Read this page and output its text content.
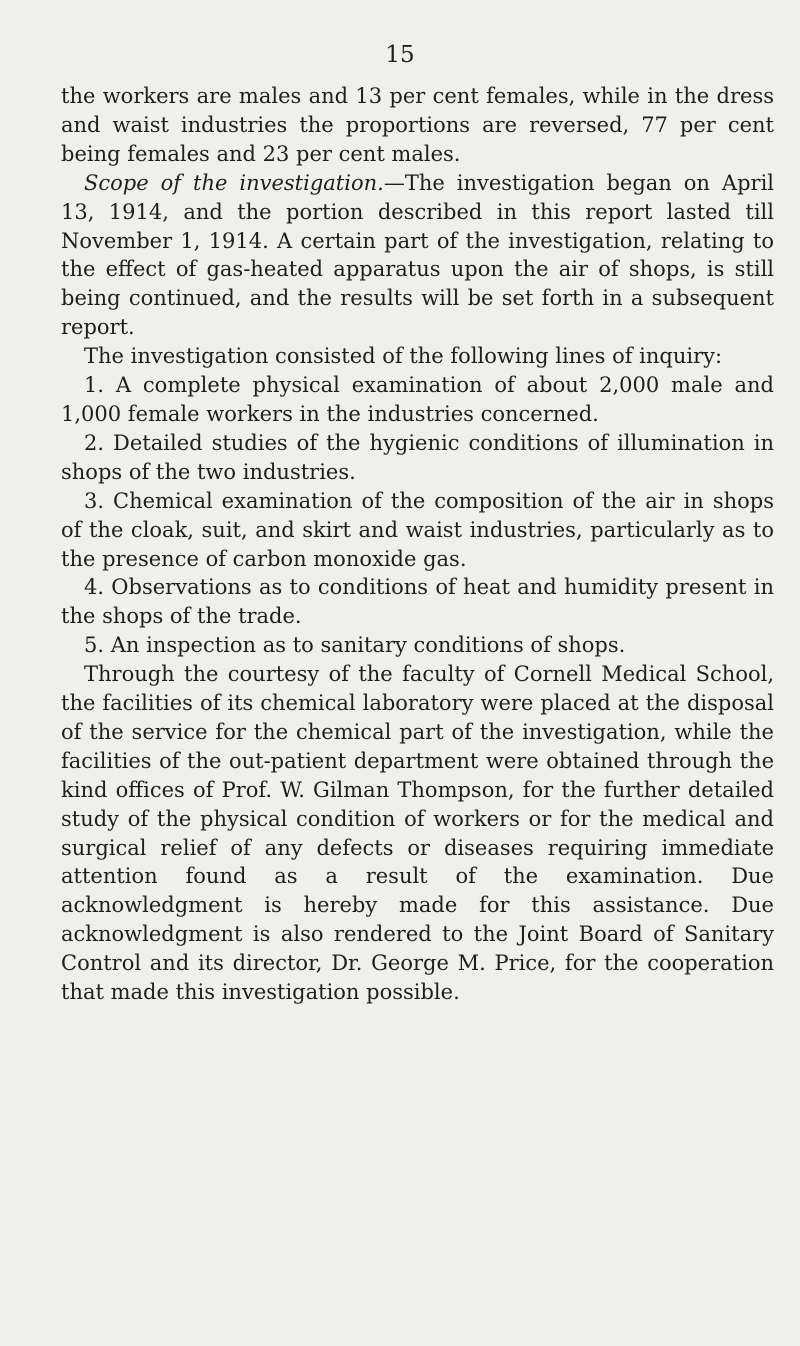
15

the workers are males and 13 per cent females, while in the dress and waist industries the proportions are reversed, 77 per cent being females and 23 per cent males.

Scope of the investigation.—The investigation began on April 13, 1914, and the portion described in this report lasted till November 1, 1914. A certain part of the investigation, relating to the effect of gas-heated apparatus upon the air of shops, is still being continued, and the results will be set forth in a subsequent report.

The investigation consisted of the following lines of inquiry:

1. A complete physical examination of about 2,000 male and 1,000 female workers in the industries concerned.

2. Detailed studies of the hygienic conditions of illumination in shops of the two industries.

3. Chemical examination of the composition of the air in shops of the cloak, suit, and skirt and waist industries, particularly as to the presence of carbon monoxide gas.

4. Observations as to conditions of heat and humidity present in the shops of the trade.

5. An inspection as to sanitary conditions of shops.

Through the courtesy of the faculty of Cornell Medical School, the facilities of its chemical laboratory were placed at the disposal of the service for the chemical part of the investigation, while the facilities of the out-patient department were obtained through the kind offices of Prof. W. Gilman Thompson, for the further detailed study of the physical condition of workers or for the medical and surgical relief of any defects or diseases requiring immediate attention found as a result of the examination. Due acknowledgment is hereby made for this assistance. Due acknowledgment is also rendered to the Joint Board of Sanitary Control and its director, Dr. George M. Price, for the cooperation that made this investigation possible.
